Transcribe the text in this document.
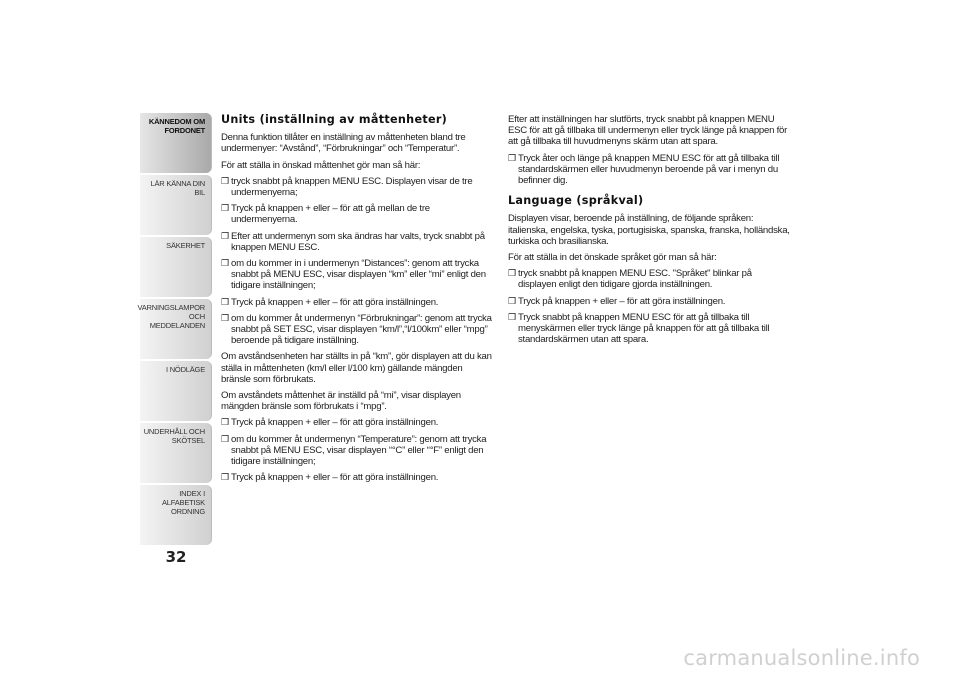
KÄNNEDOM OM
FORDONET
LÄR KÄNNA DIN BIL
SÄKERHET
VARNINGSLAMPOR
OCH MEDDELANDEN
I NÖDLÄGE
UNDERHÅLL OCH
SKÖTSEL
INDEX I ALFABETISK
ORDNING
32
Units (inställning av måttenheter)

Denna funktion tillåter en inställning av måttenheten bland tre undermenyer: “Avstånd”, “Förbrukningar” och “Temperatur”.

För att ställa in önskad måttenhet gör man så här:

❒ tryck snabbt på knappen MENU ESC. Displayen visar de tre undermenyerna;
❒ Tryck på knappen + eller – för att gå mellan de tre undermenyerna.
❒ Efter att undermenyn som ska ändras har valts, tryck snabbt på knappen MENU ESC.
❒ om du kommer in i undermenyn “Distances”: genom att trycka snabbt på MENU ESC, visar displayen “km” eller “mi” enligt den tidigare inställningen;
❒ Tryck på knappen + eller – för att göra inställningen.
❒ om du kommer åt undermenyn “Förbrukningar”: genom att trycka snabbt på SET ESC, visar displayen “km/l”,“l/100km” eller “mpg” beroende på tidigare inställning.

Om avståndsenheten har ställts in på “km”, gör displayen att du kan ställa in måttenheten (km/l eller l/100 km) gällande mängden bränsle som förbrukats.

Om avståndets måttenhet är inställd på “mi”, visar displayen mängden bränsle som förbrukats i “mpg”.

❒ Tryck på knappen + eller – för att göra inställningen.
❒ om du kommer åt undermenyn “Temperature”: genom att trycka snabbt på MENU ESC, visar displayen “°C” eller “°F” enligt den tidigare inställningen;
❒ Tryck på knappen + eller – för att göra inställningen.

Efter att inställningen har slutförts, tryck snabbt på knappen MENU ESC för att gå tillbaka till undermenyn eller tryck länge på knappen för att gå tillbaka till huvudmenyns skärm utan att spara.

❒ Tryck åter och länge på knappen MENU ESC för att gå tillbaka till standardskärmen eller huvudmenyn beroende på var i menyn du befinner dig.
Language (språkval)

Displayen visar, beroende på inställning, de följande språken: italienska, engelska, tyska, portugisiska, spanska, franska, holländska, turkiska och brasilianska.

För att ställa in det önskade språket gör man så här:

❒ tryck snabbt på knappen MENU ESC. "Språket" blinkar på displayen enligt den tidigare gjorda inställningen.
❒ Tryck på knappen + eller – för att göra inställningen.
❒ Tryck snabbt på knappen MENU ESC för att gå tillbaka till menyskärmen eller tryck länge på knappen för att gå tillbaka till standardskärmen utan att spara.
carmanualsonline.info
